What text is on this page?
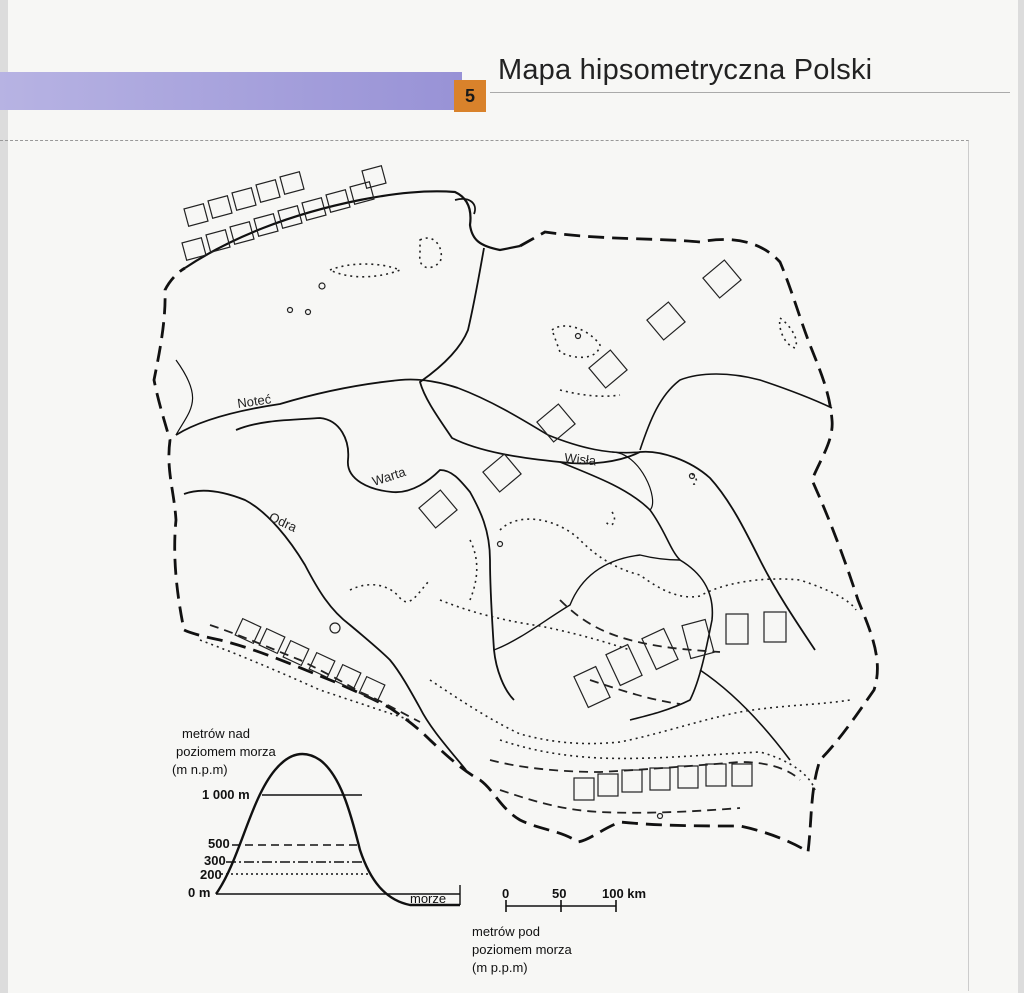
5
Mapa hipsometryczna Polski
Noteć
Warta
Odra
Wisła
metrów nad
poziomem morza
(m n.p.m)
1 000 m
500
300
200
0 m	morze
metrów pod
poziomem morza
(m p.p.m)
0	50	100 km
